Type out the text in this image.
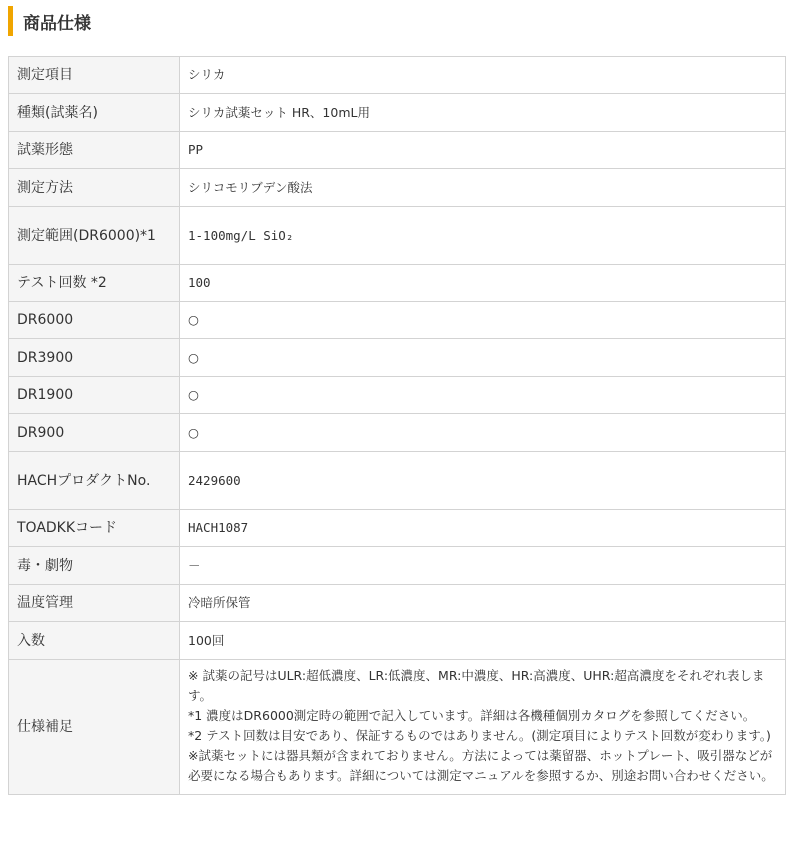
商品仕様
測定項目	シリカ
種類(試薬名)	シリカ試薬セット HR、10mL用
試薬形態	PP
測定方法	シリコモリブデン酸法
測定範囲(DR6000)*1	1-100mg/L SiO₂
テスト回数 *2	100
DR6000	○
DR3900	○
DR1900	○
DR900	○
HACHプロダクトNo.	2429600
TOADKKコード	HACH1087
毒・劇物	－
温度管理	冷暗所保管
入数	100回
仕様補足	※ 試薬の記号はULR:超低濃度、LR:低濃度、MR:中濃度、HR:高濃度、UHR:超高濃度をそれぞれ表します。
*1 濃度はDR6000測定時の範囲で記入しています。詳細は各機種個別カタログを参照してください。
*2 テスト回数は目安であり、保証するものではありません。(測定項目によりテスト回数が変わります。)
※試薬セットには器具類が含まれておりません。方法によっては薬留器、ホットプレート、吸引器などが必要になる場合もあります。詳細については測定マニュアルを参照するか、別途お問い合わせください。
